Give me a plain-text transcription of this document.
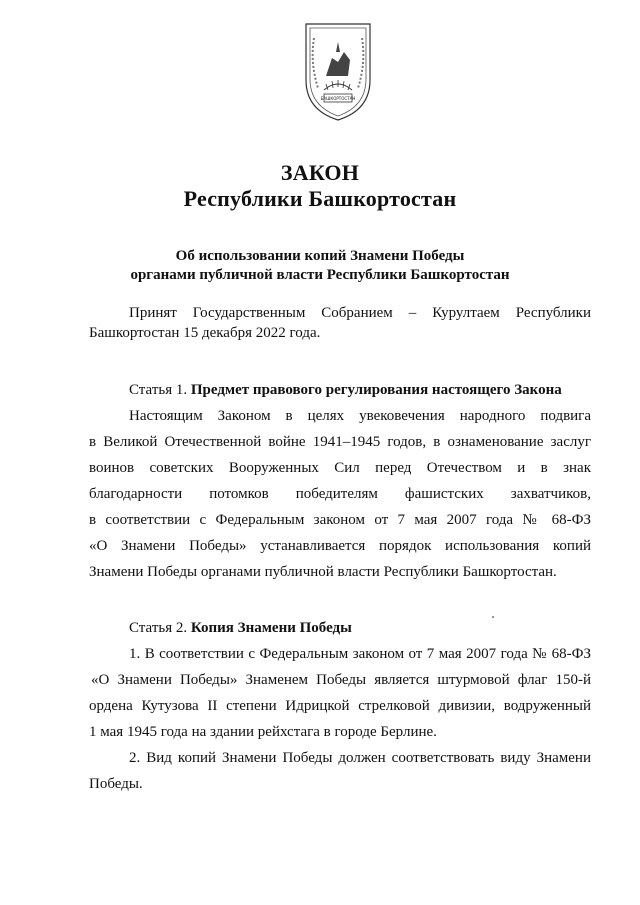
БАШКОРТОСТАН
ЗАКОН
Республики Башкортостан
Об использовании копий Знамени Победы
органами публичной власти Республики Башкортостан
Принят Государственным Собранием – Курултаем Республики
Башкортостан 15 декабря 2022 года.
Статья 1. Предмет правового регулирования настоящего Закона
Настоящим Законом в целях увековечения народного подвига
в Великой Отечественной войне 1941–1945 годов, в ознаменование заслуг
воинов советских Вооруженных Сил перед Отечеством и в знак
благодарности потомков победителям фашистских захватчиков,
в соответствии с Федеральным законом от 7 мая 2007 года № 68-ФЗ
«О Знамени Победы» устанавливается порядок использования копий
Знамени Победы органами публичной власти Республики Башкортостан.
Статья 2. Копия Знамени Победы
1. В соответствии с Федеральным законом от 7 мая 2007 года № 68-ФЗ
«О Знамени Победы» Знаменем Победы является штурмовой флаг 150-й
ордена Кутузова II степени Идрицкой стрелковой дивизии, водруженный
1 мая 1945 года на здании рейхстага в городе Берлине.
2. Вид копий Знамени Победы должен соответствовать виду Знамени
Победы.
